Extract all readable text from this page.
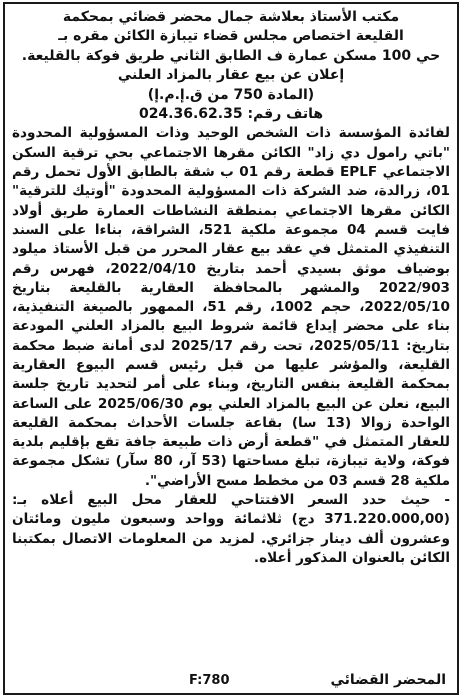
مكتب الأستاذ بعلاشة جمال محضر قضائي بمحكمة

القليعة اختصاص مجلس قضاء تيبازة الكائن مقره بـ

حي 100 مسكن عمارة ف الطابق الثاني طريق فوكة بالقليعة.

إعلان عن بيع عقار بالمزاد العلني

(المادة 750 من ق.إ.م.إ)

هاتف رقم: 024.36.62.35

لفائدة المؤسسة ذات الشخص الوحيد وذات المسؤولية المحدودة "باتي رامول دي زاد" الكائن مقرها الاجتماعي بحي ترقية السكن الاجتماعي EPLF قطعة رقم 01 ب شقة بالطابق الأول تحمل رقم 01، زرالدة، ضد الشركة ذات المسؤولية المحدودة "أوتيك للترقية" الكائن مقرها الاجتماعي بمنطقة النشاطات العمارة طريق أولاد فايت قسم 04 مجموعة ملكية 521، الشراقة، بناءا على السند التنفيذي المتمثل في عقد بيع عقار المحرر من قبل الأستاذ ميلود بوضياف موثق بسيدي أحمد بتاريخ 2022/04/10، فهرس رقم 2022/903 والمشهر بالمحافظة العقارية بالقليعة بتاريخ 2022/05/10، حجم 1002، رقم 51، الممهور بالصيغة التنفيذية، بناء على محضر إيداع قائمة شروط البيع بالمزاد العلني المودعة بتاريخ: 2025/05/11، تحت رقم 2025/17 لدى أمانة ضبط محكمة القليعة، والمؤشر عليها من قبل رئيس قسم البيوع العقارية بمحكمة القليعة بنفس التاريخ، وبناء على أمر لتحديد تاريخ جلسة البيع، نعلن عن البيع بالمزاد العلني يوم 2025/06/30 على الساعة الواحدة زوالا (13 سا) بقاعة جلسات الأحداث بمحكمة القليعة للعقار المتمثل في "قطعة أرض ذات طبيعة جافة تقع بإقليم بلدية فوكة، ولاية تيبازة، تبلغ مساحتها (53 آر، 80 سآر) تشكل مجموعة ملكية 28 قسم 03 من مخطط مسح الأراضي".

- حيث حدد السعر الافتتاحي للعقار محل البيع أعلاه بـ: (371.220.000,00 دج) ثلاثمائة وواحد وسبعون مليون ومائتان وعشرون ألف دينار جزائري. لمزيد من المعلومات الاتصال بمكتبنا الكائن بالعنوان المذكور أعلاه.

F:780	المحضر القضائي
